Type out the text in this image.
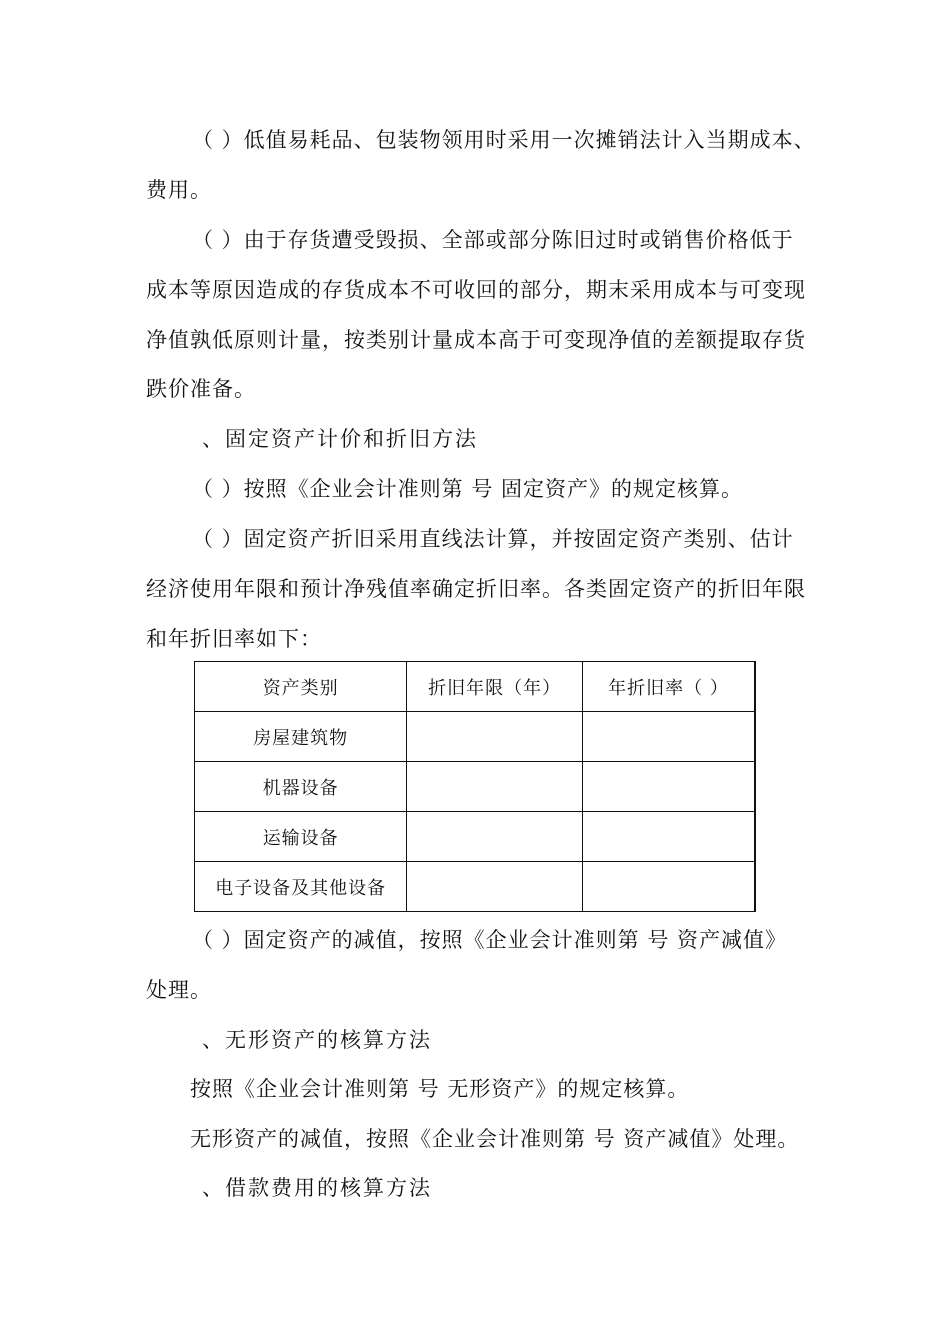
（ ）低值易耗品、包装物领用时采用一次摊销法计入当期成本、
费用。
（ ）由于存货遭受毁损、全部或部分陈旧过时或销售价格低于
成本等原因造成的存货成本不可收回的部分，期末采用成本与可变现
净值孰低原则计量，按类别计量成本高于可变现净值的差额提取存货
跌价准备。
、固定资产计价和折旧方法
（ ）按照《企业会计准则第 号 固定资产》的规定核算。
（ ）固定资产折旧采用直线法计算，并按固定资产类别、估计
经济使用年限和预计净残值率确定折旧率。各类固定资产的折旧年限
和年折旧率如下：
资产类别	折旧年限（年）	年折旧率（ ）
房屋建筑物		
机器设备		
运输设备		
电子设备及其他设备		
（ ）固定资产的减值，按照《企业会计准则第 号 资产减值》
处理。
、无形资产的核算方法
按照《企业会计准则第 号 无形资产》的规定核算。
无形资产的减值，按照《企业会计准则第 号 资产减值》处理。
、借款费用的核算方法
